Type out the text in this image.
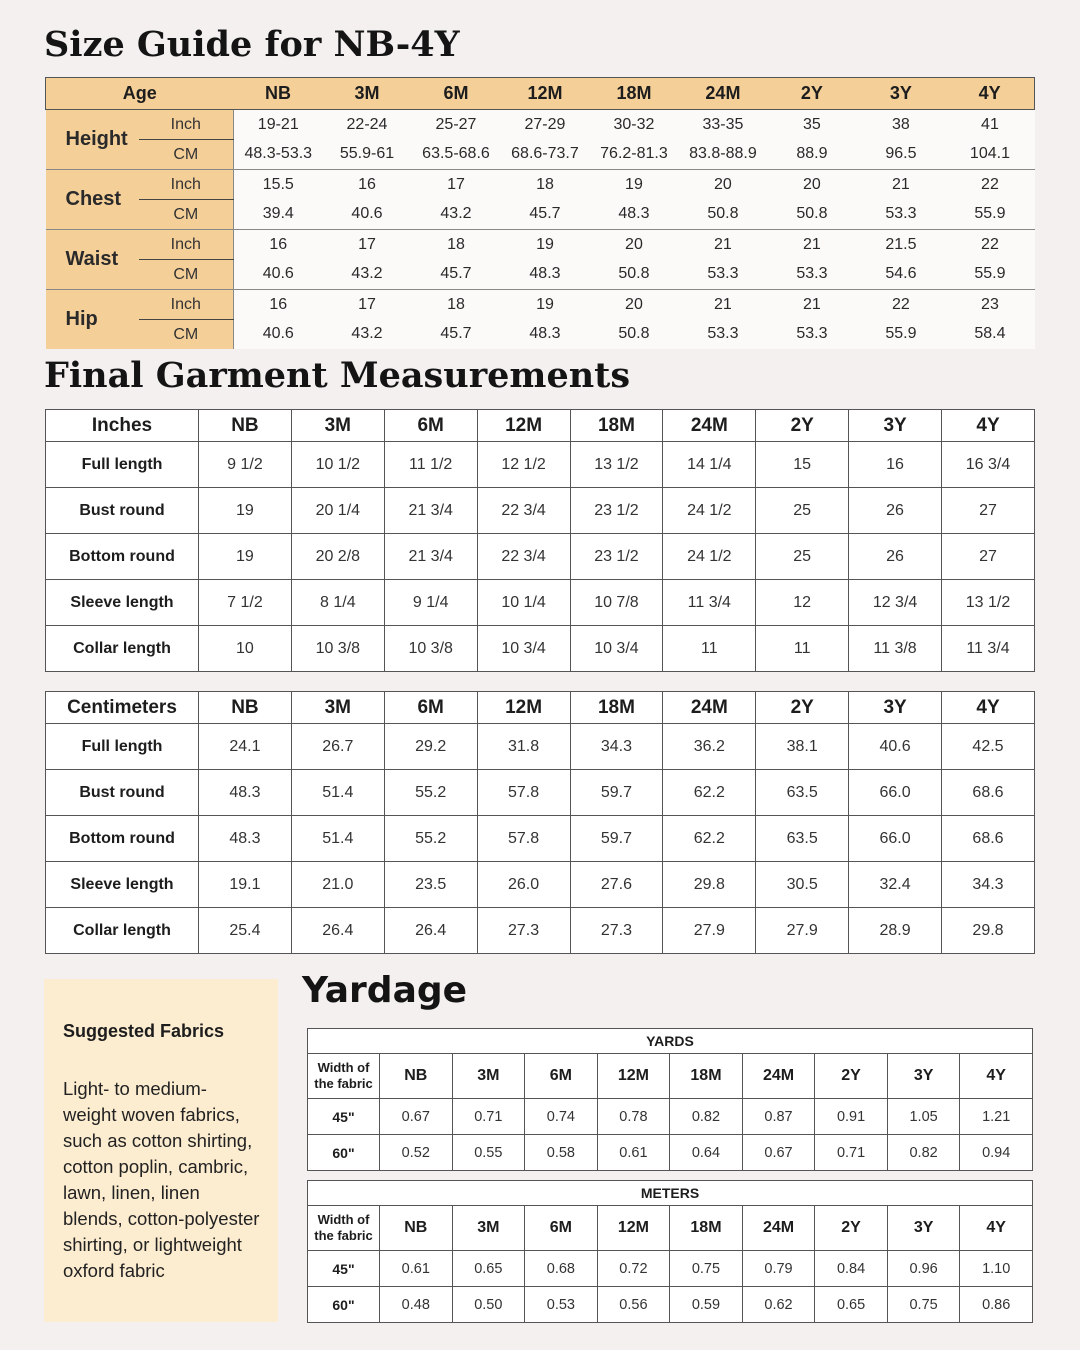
Size Guide for NB-4Y
Age		NB	3M	6M	12M	18M	24M	2Y	3Y	4Y
Height	Inch	19-21	22-24	25-27	27-29	30-32	33-35	35	38	41
	CM	48.3-53.3	55.9-61	63.5-68.6	68.6-73.7	76.2-81.3	83.8-88.9	88.9	96.5	104.1
Chest	Inch	15.5	16	17	18	19	20	20	21	22
	CM	39.4	40.6	43.2	45.7	48.3	50.8	50.8	53.3	55.9
Waist	Inch	16	17	18	19	20	21	21	21.5	22
	CM	40.6	43.2	45.7	48.3	50.8	53.3	53.3	54.6	55.9
Hip	Inch	16	17	18	19	20	21	21	22	23
	CM	40.6	43.2	45.7	48.3	50.8	53.3	53.3	55.9	58.4
Final Garment Measurements
Inches	NB	3M	6M	12M	18M	24M	2Y	3Y	4Y
Full length	9 1/2	10 1/2	11 1/2	12 1/2	13 1/2	14 1/4	15	16	16 3/4
Bust round	19	20 1/4	21 3/4	22 3/4	23 1/2	24 1/2	25	26	27
Bottom round	19	20 2/8	21 3/4	22 3/4	23 1/2	24 1/2	25	26	27
Sleeve length	7 1/2	8 1/4	9 1/4	10 1/4	10 7/8	11 3/4	12	12 3/4	13 1/2
Collar length	10	10 3/8	10 3/8	10 3/4	10 3/4	11	11	11 3/8	11 3/4
Centimeters	NB	3M	6M	12M	18M	24M	2Y	3Y	4Y
Full length	24.1	26.7	29.2	31.8	34.3	36.2	38.1	40.6	42.5
Bust round	48.3	51.4	55.2	57.8	59.7	62.2	63.5	66.0	68.6
Bottom round	48.3	51.4	55.2	57.8	59.7	62.2	63.5	66.0	68.6
Sleeve length	19.1	21.0	23.5	26.0	27.6	29.8	30.5	32.4	34.3
Collar length	25.4	26.4	26.4	27.3	27.3	27.9	27.9	28.9	29.8

Suggested Fabrics

Light- to medium-weight woven fabrics, such as cotton shirting, cotton poplin, cambric, lawn, linen, linen blends, cotton-polyester shirting, or lightweight oxford fabric

Yardage
YARDS									

Width of
the fabric	NB	3M	6M	12M	18M	24M	2Y	3Y	4Y
45"	0.67	0.71	0.74	0.78	0.82	0.87	0.91	1.05	1.21
60"	0.52	0.55	0.58	0.61	0.64	0.67	0.71	0.82	0.94
METERS									

Width of
the fabric	NB	3M	6M	12M	18M	24M	2Y	3Y	4Y
45"	0.61	0.65	0.68	0.72	0.75	0.79	0.84	0.96	1.10
60"	0.48	0.50	0.53	0.56	0.59	0.62	0.65	0.75	0.86
